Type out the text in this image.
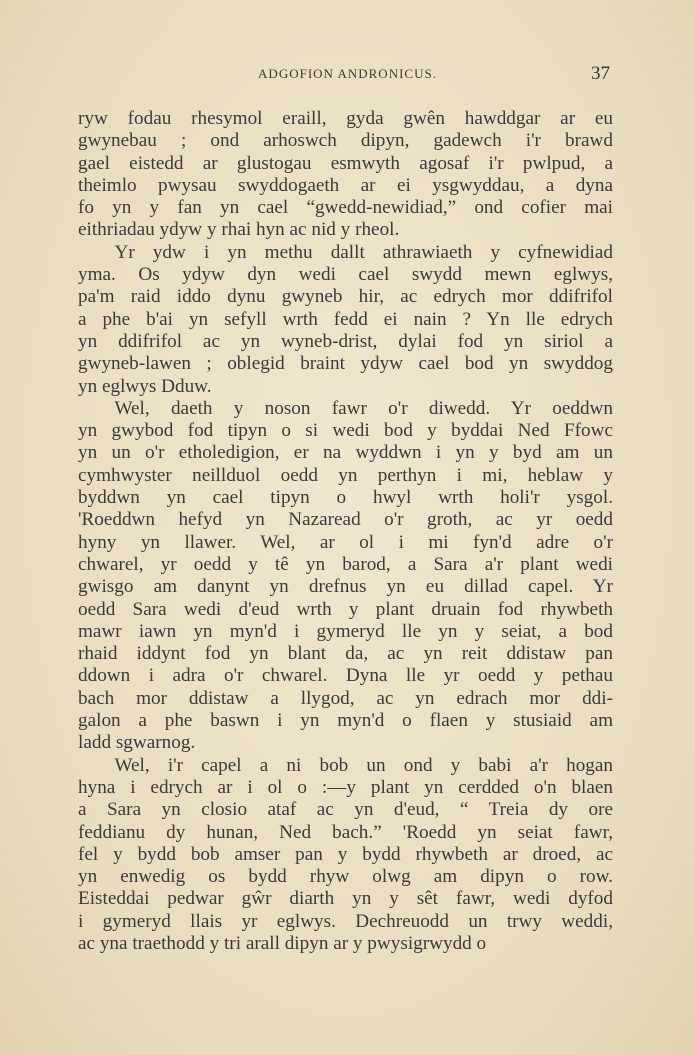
ADGOFION ANDRONICUS.	37
ryw fodau rhesymol eraill, gyda gwên hawddgar ar eu
gwynebau ; ond arhoswch dipyn, gadewch i'r brawd
gael eistedd ar glustogau esmwyth agosaf i'r pwlpud, a
theimlo pwysau swyddogaeth ar ei ysgwyddau, a dyna
fo yn y fan yn cael “gwedd-newidiad,” ond cofier mai
eithriadau ydyw y rhai hyn ac nid y rheol.
Yr ydw i yn methu dallt athrawiaeth y cyfnewidiad
yma. Os ydyw dyn wedi cael swydd mewn eglwys,
pa'm raid iddo dynu gwyneb hir, ac edrych mor ddifrifol
a phe b'ai yn sefyll wrth fedd ei nain ? Yn lle edrych
yn ddifrifol ac yn wyneb-drist, dylai fod yn siriol a
gwyneb-lawen ; oblegid braint ydyw cael bod yn swyddog
yn eglwys Dduw.
Wel, daeth y noson fawr o'r diwedd. Yr oeddwn
yn gwybod fod tipyn o si wedi bod y byddai Ned Ffowc
yn un o'r etholedigion, er na wyddwn i yn y byd am un
cymhwyster neillduol oedd yn perthyn i mi, heblaw y
byddwn yn cael tipyn o hwyl wrth holi'r ysgol.
'Roeddwn hefyd yn Nazaread o'r groth, ac yr oedd
hyny yn llawer. Wel, ar ol i mi fyn'd adre o'r
chwarel, yr oedd y tê yn barod, a Sara a'r plant wedi
gwisgo am danynt yn drefnus yn eu dillad capel. Yr
oedd Sara wedi d'eud wrth y plant druain fod rhywbeth
mawr iawn yn myn'd i gymeryd lle yn y seiat, a bod
rhaid iddynt fod yn blant da, ac yn reit ddistaw pan
ddown i adra o'r chwarel. Dyna lle yr oedd y pethau
bach mor ddistaw a llygod, ac yn edrach mor ddi-
galon a phe baswn i yn myn'd o flaen y stusiaid am
ladd sgwarnog.
Wel, i'r capel a ni bob un ond y babi a'r hogan
hyna i edrych ar i ol o :—y plant yn cerdded o'n blaen
a Sara yn closio ataf ac yn d'eud, “ Treia dy ore
feddianu dy hunan, Ned bach.” 'Roedd yn seiat fawr,
fel y bydd bob amser pan y bydd rhywbeth ar droed, ac
yn enwedig os bydd rhyw olwg am dipyn o row.
Eisteddai pedwar gŵr diarth yn y sêt fawr, wedi dyfod
i gymeryd llais yr eglwys. Dechreuodd un trwy weddi,
ac yna traethodd y tri arall dipyn ar y pwysigrwydd o
